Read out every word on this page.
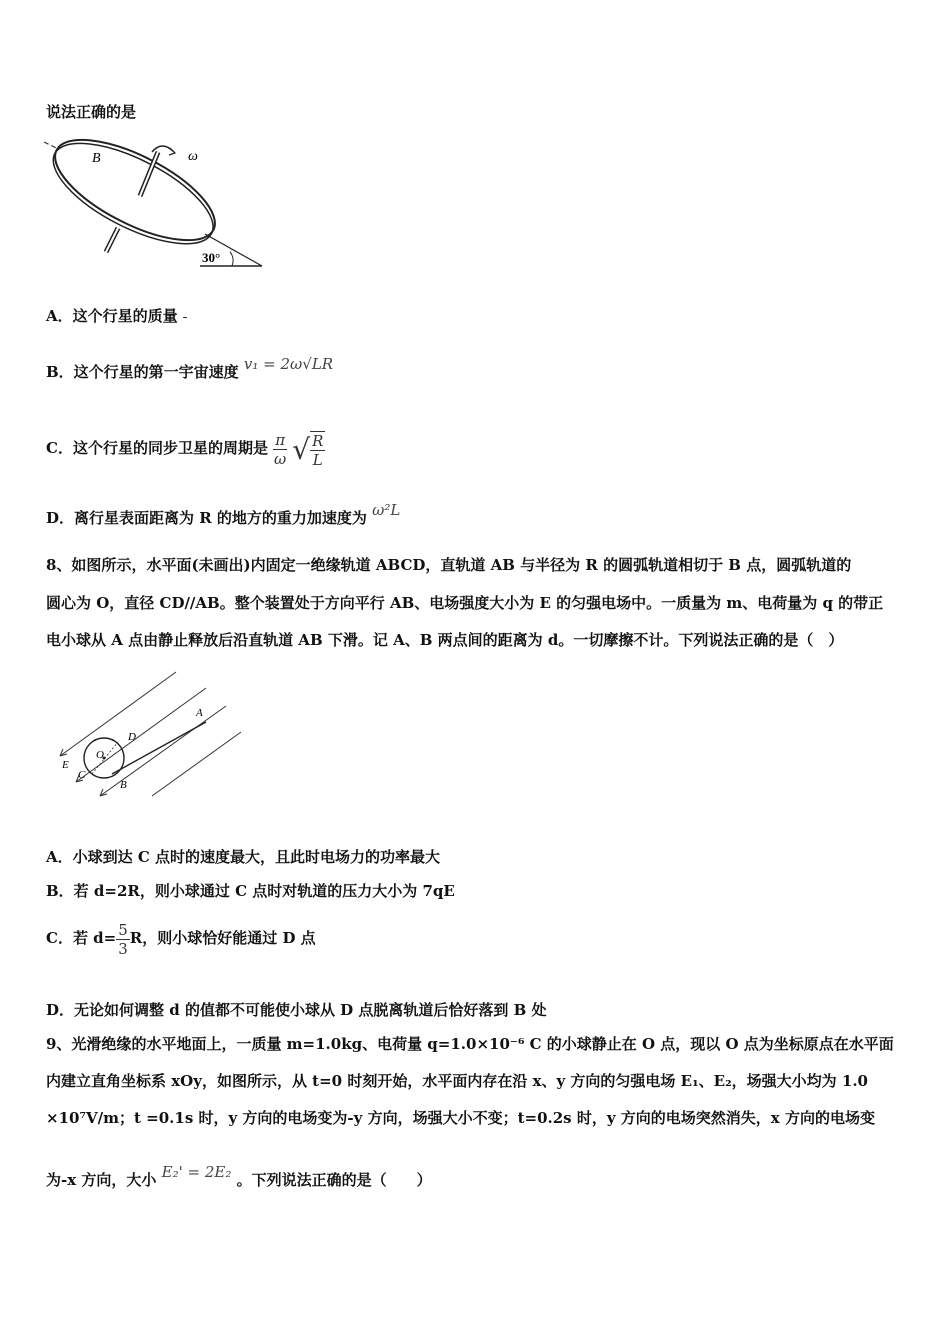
说法正确的是
B	ω
30°
A．这个行星的质量
B．这个行星的第一宇宙速度 v₁ = 2ω√LR
C．这个行星的同步卫星的周期是 $\frac{\pi}{\omega}$ √ $\frac{R}{L}$
D．离行星表面距离为 R 的地方的重力加速度为 ω²L
8、如图所示，水平面(未画出)内固定一绝缘轨道 ABCD，直轨道 AB 与半径为 R 的圆弧轨道相切于 B 点，圆弧轨道的
圆心为 O，直径 CD//AB。整个装置处于方向平行 AB、电场强度大小为 E 的匀强电场中。一质量为 m、电荷量为 q 的带正
电小球从 A 点由静止释放后沿直轨道 AB 下滑。记 A、B 两点间的距离为 d。一切摩擦不计。下列说法正确的是（　）
A
B
C
D
O
E
A．小球到达 C 点时的速度最大，且此时电场力的功率最大
B．若 d=2R，则小球通过 C 点时对轨道的压力大小为 7qE
C．若 $d= \frac{5}{3}$ R，则小球恰好能通过 D 点
D．无论如何调整 d 的值都不可能使小球从 D 点脱离轨道后恰好落到 B 处
9、光滑绝缘的水平地面上，一质量 m=1.0kg、电荷量 q=1.0×10⁻⁶ C 的小球静止在 O 点，现以 O 点为坐标原点在水平面
内建立直角坐标系 xOy，如图所示，从 t=0 时刻开始，水平面内存在沿 x、y 方向的匀强电场 E₁、E₂，场强大小均为 1.0
×10⁷V/m；t =0.1s 时，y 方向的电场变为-y 方向，场强大小不变；t=0.2s 时，y 方向的电场突然消失，x 方向的电场变
为-x 方向，大小 E₂' = 2E₂ 。下列说法正确的是（　　）
